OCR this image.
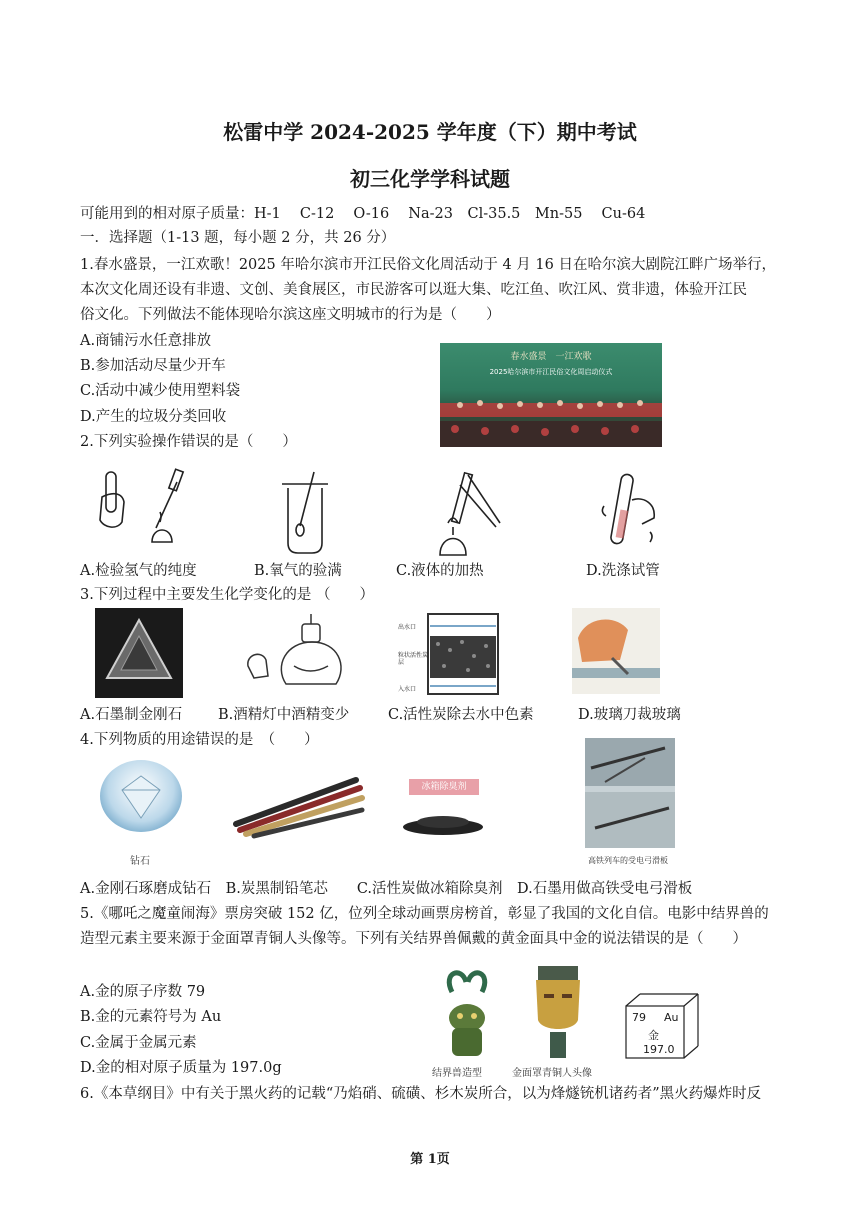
松雷中学 2024-2025 学年度（下）期中考试
初三化学学科试题
可能用到的相对原子质量：H-1　 C-12　 O-16　 Na-23　Cl-35.5　Mn-55　 Cu-64
一．选择题（1-13 题，每小题 2 分，共 26 分）
1.春水盛景，一江欢歌！2025 年哈尔滨市开江民俗文化周活动于 4 月 16 日在哈尔滨大剧院江畔广场举行，
本次文化周还设有非遗、文创、美食展区，市民游客可以逛大集、吃江鱼、吹江风、赏非遗，体验开江民
俗文化。下列做法不能体现哈尔滨这座文明城市的行为是（　　）
A.商铺污水任意排放
B.参加活动尽量少开车
C.活动中减少使用塑料袋
D.产生的垃圾分类回收
春水盛景　一江欢歌
2025哈尔滨市开江民俗文化周启动仪式
2.下列实验操作错误的是（　　）
A.检验氢气的纯度	B.氧气的验满	C.液体的加热	D.洗涤试管
3.下列过程中主要发生化学变化的是 （　　）
出水口
粒状活性炭层
入水口
A.石墨制金刚石 B.酒精灯中酒精变少	C.活性炭除去水中色素	D.玻璃刀裁玻璃
4.下列物质的用途错误的是　（　　）
钻石
冰箱除臭剂
高铁列车的受电弓滑板
A.金刚石琢磨成钻石　B.炭黑制铅笔芯　　C.活性炭做冰箱除臭剂　D.石墨用做高铁受电弓滑板
5.《哪吒之魔童闹海》票房突破 152 亿，位列全球动画票房榜首，彰显了我国的文化自信。电影中结界兽的
造型元素主要来源于金面罩青铜人头像等。下列有关结界兽佩戴的黄金面具中金的说法错误的是（　　）
A.金的原子序数 79
B.金的元素符号为 Au
C.金属于金属元素
D.金的相对原子质量为 197.0g	结界兽造型	金面罩青铜人头像
79 Au
金
197.0
6.《本草纲目》中有关于黑火药的记载“乃焰硝、硫磺、杉木炭所合，以为烽燧铳机诸药者”黑火药爆炸时反
第 1页
